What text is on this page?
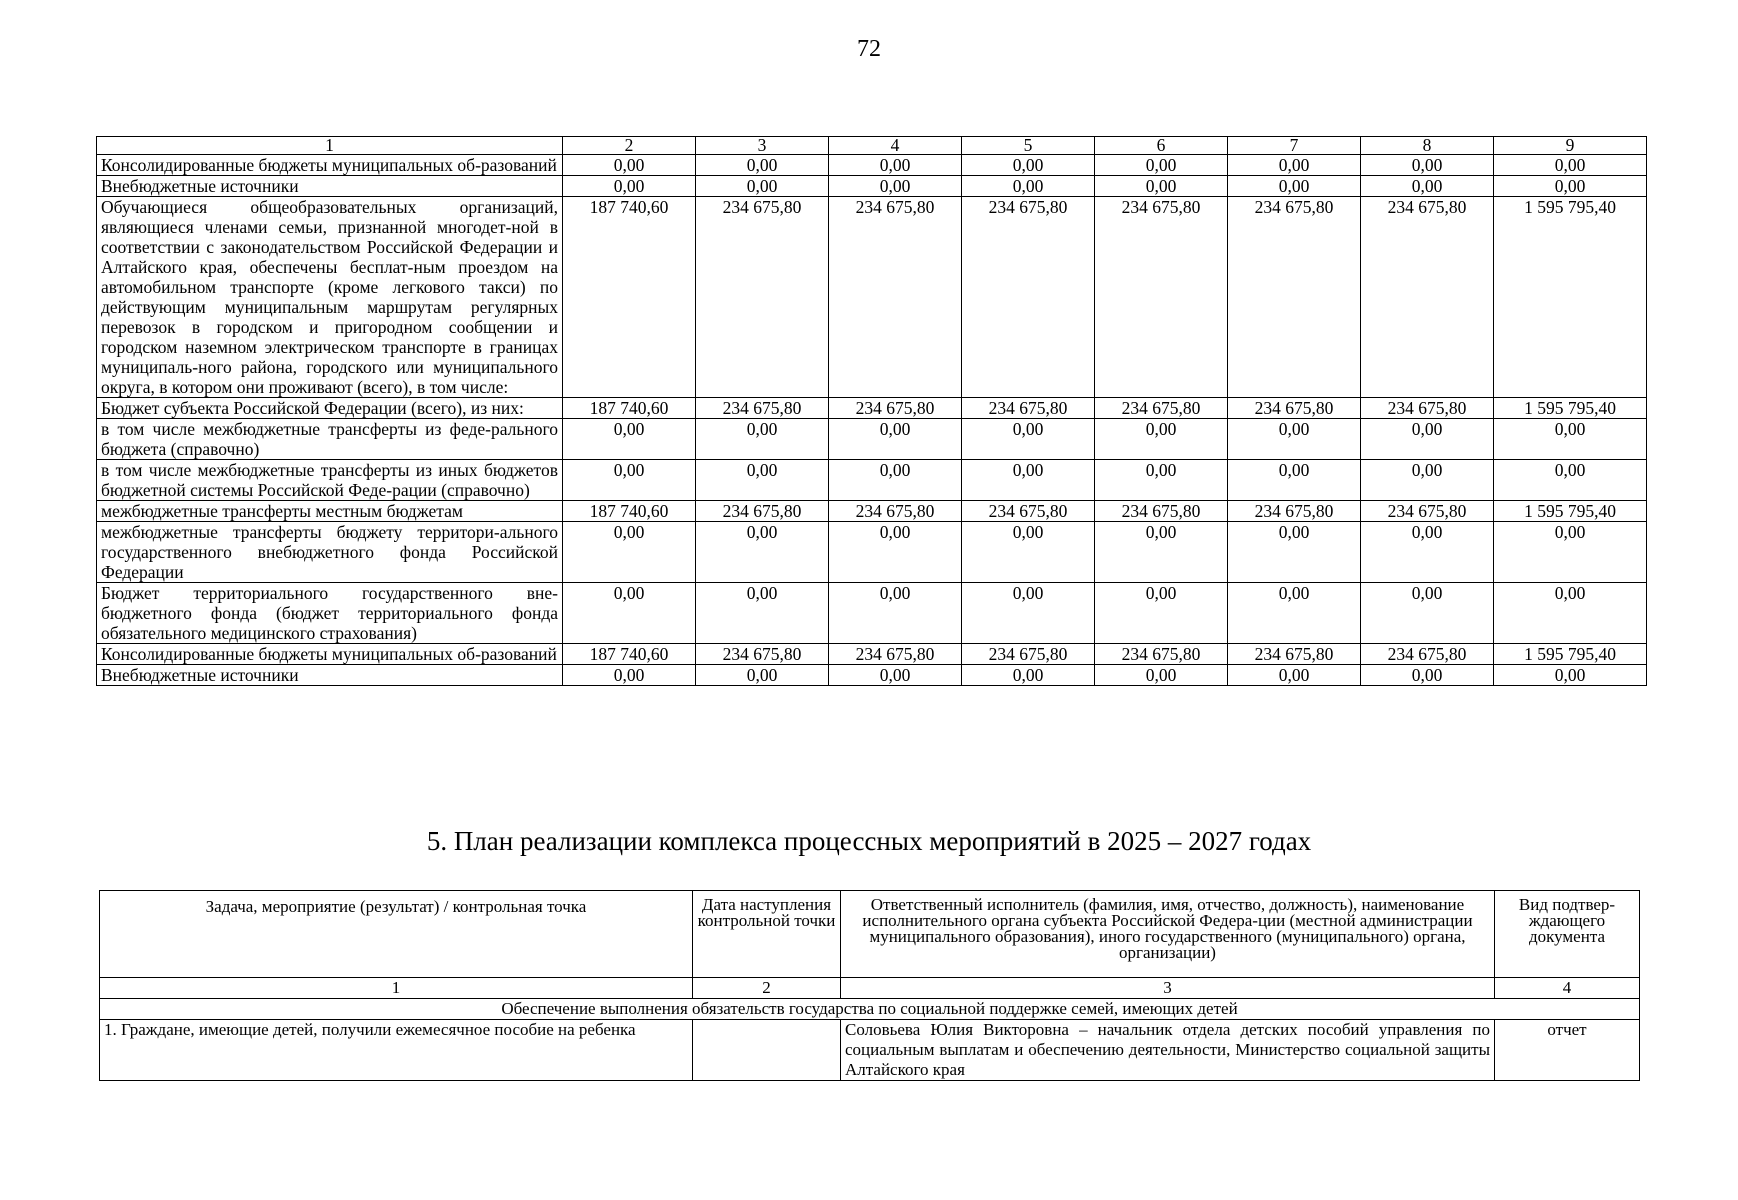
72
1	2	3	4	5	6	7	8	9
Консолидированные бюджеты муниципальных об-разований	0,00	0,00	0,00	0,00	0,00	0,00	0,00	0,00
Внебюджетные источники	0,00	0,00	0,00	0,00	0,00	0,00	0,00	0,00
Обучающиеся общеобразовательных организаций, являющиеся членами семьи, признанной многодет-ной в соответствии с законодательством Российской Федерации и Алтайского края, обеспечены бесплат-ным проездом на автомобильном транспорте (кроме легкового такси) по действующим муниципальным маршрутам регулярных перевозок в городском и пригородном сообщении и городском наземном электрическом транспорте в границах муниципаль-ного района, городского или муниципального округа, в котором они проживают (всего), в том числе:	187 740,60	234 675,80	234 675,80	234 675,80	234 675,80	234 675,80	234 675,80	1 595 795,40
Бюджет субъекта Российской Федерации (всего), из них:	187 740,60	234 675,80	234 675,80	234 675,80	234 675,80	234 675,80	234 675,80	1 595 795,40
в том числе межбюджетные трансферты из феде-рального бюджета (справочно)	0,00	0,00	0,00	0,00	0,00	0,00	0,00	0,00
в том числе межбюджетные трансферты из иных бюджетов бюджетной системы Российской Феде-рации (справочно)	0,00	0,00	0,00	0,00	0,00	0,00	0,00	0,00
межбюджетные трансферты местным бюджетам	187 740,60	234 675,80	234 675,80	234 675,80	234 675,80	234 675,80	234 675,80	1 595 795,40
межбюджетные трансферты бюджету территори-ального государственного внебюджетного фонда Российской Федерации	0,00	0,00	0,00	0,00	0,00	0,00	0,00	0,00
Бюджет территориального государственного вне-бюджетного фонда (бюджет территориального фонда обязательного медицинского страхования)	0,00	0,00	0,00	0,00	0,00	0,00	0,00	0,00
Консолидированные бюджеты муниципальных об-разований	187 740,60	234 675,80	234 675,80	234 675,80	234 675,80	234 675,80	234 675,80	1 595 795,40
Внебюджетные источники	0,00	0,00	0,00	0,00	0,00	0,00	0,00	0,00
5. План реализации комплекса процессных мероприятий в 2025 – 2027 годах
Задача, мероприятие (результат) / контрольная точка	Дата наступления контрольной точки	Ответственный исполнитель (фамилия, имя, отчество, должность), наименование исполнительного органа субъекта Российской Федера-ции (местной администрации муниципального образования), иного государственного (муниципального) органа, организации)	Вид подтвер-ждающего документа
1	2	3	4
Обеспечение выполнения обязательств государства по социальной поддержке семей, имеющих детей			
1. Граждане, имеющие детей, получили ежемесячное пособие на ребенка		Соловьева Юлия Викторовна – начальник отдела детских пособий управления по социальным выплатам и обеспечению деятельности, Министерство социальной защиты Алтайского края	отчет
